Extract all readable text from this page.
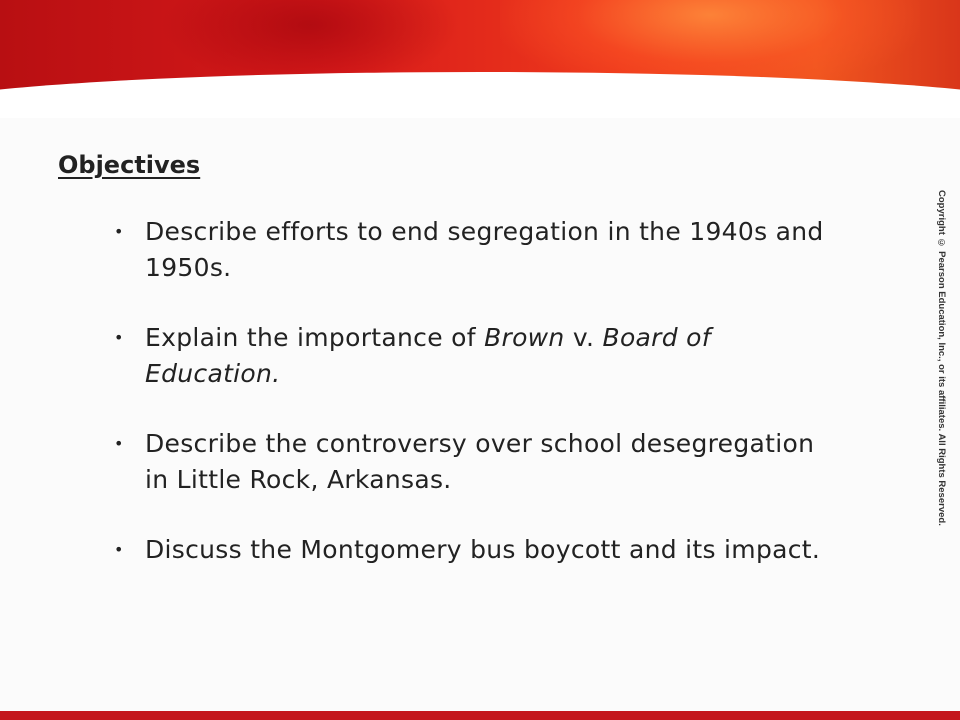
Objectives
• Describe efforts to end segregation in the 1940s and 1950s.
• Explain the importance of Brown v. Board of Education.
• Describe the controversy over school desegregation in Little Rock, Arkansas.
• Discuss the Montgomery bus boycott and its impact.
Copyright © Pearson Education, Inc., or its affiliates. All Rights Reserved.
